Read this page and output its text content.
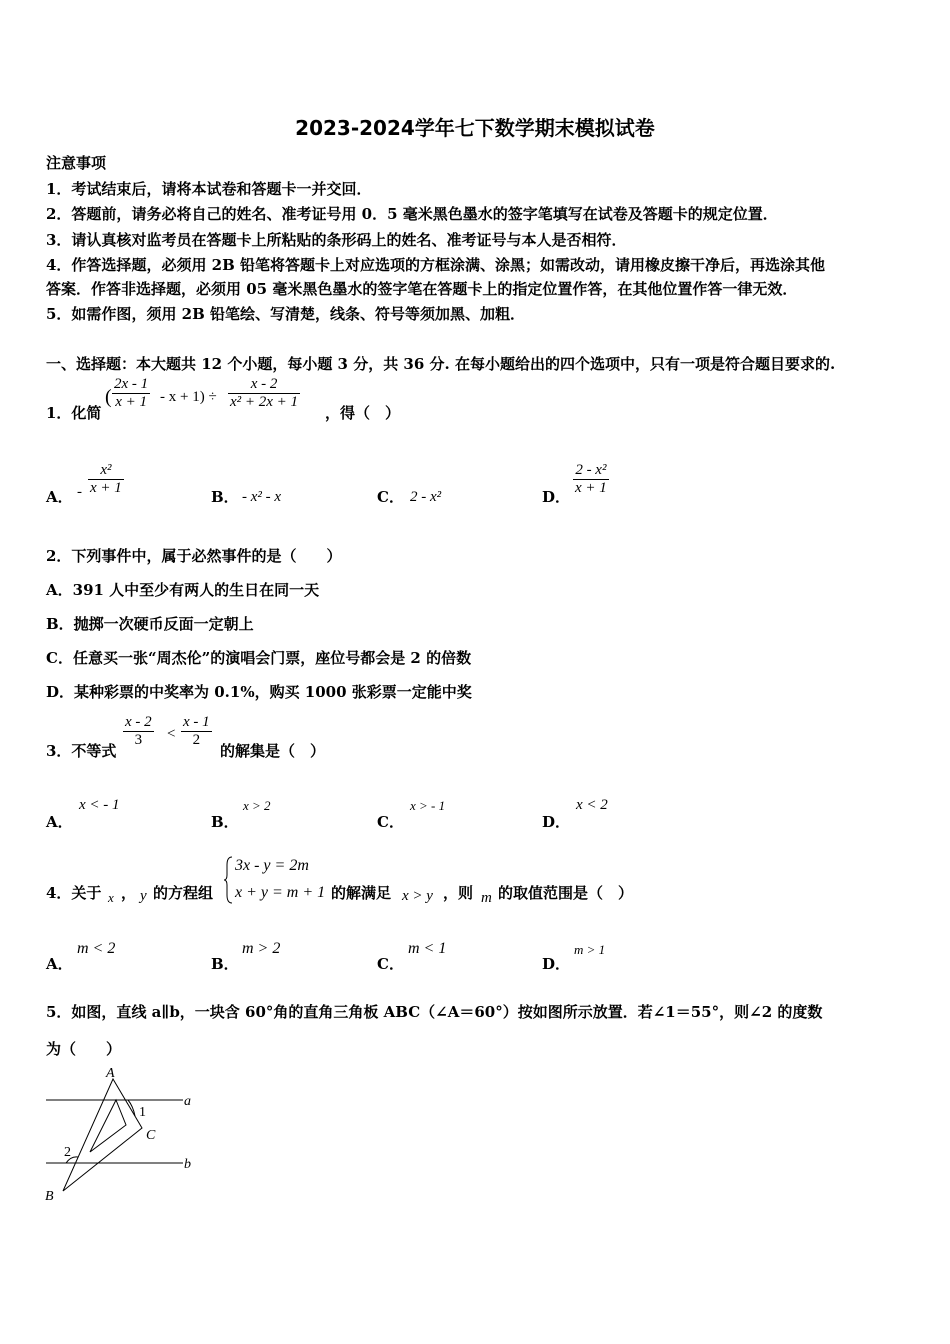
2023-2024学年七下数学期末模拟试卷
注意事项
1．考试结束后，请将本试卷和答题卡一并交回．
2．答题前，请务必将自己的姓名、准考证号用 0．5 毫米黑色墨水的签字笔填写在试卷及答题卡的规定位置．
3．请认真核对监考员在答题卡上所粘贴的条形码上的姓名、准考证号与本人是否相符．
4．作答选择题，必须用 2B 铅笔将答题卡上对应选项的方框涂满、涂黑；如需改动，请用橡皮擦干净后，再选涂其他
答案．作答非选择题，必须用 05 毫米黑色墨水的签字笔在答题卡上的指定位置作答，在其他位置作答一律无效．
5．如需作图，须用 2B 铅笔绘、写清楚，线条、符号等须加黑、加粗．
一、选择题：本大题共 12 个小题，每小题 3 分，共 36 分. 在每小题给出的四个选项中，只有一项是符合题目要求的.
1．化简
(
2x - 1
x + 1 - x + 1) ÷
x - 2
x² + 2x + 1
，得（　）
A． -
x²
x + 1	B． - x² - x	C． 2 - x²	D．
2 - x²
x + 1
2．下列事件中，属于必然事件的是（　　）
A．391 人中至少有两人的生日在同一天
B．抛掷一次硬币反面一定朝上
C．任意买一张“周杰伦”的演唱会门票，座位号都会是 2 的倍数
D．某种彩票的中奖率为 0.1%，购买 1000 张彩票一定能中奖
3．不等式
x - 2
3	<
x - 1
2
的解集是（　）
A．
x < - 1
B．
x > 2
C．
x > - 1
D．
x < 2
4．关于 x ， y 的方程组
3x - y = 2m
x + y = m + 1 的解满足 x > y ，则 m 的取值范围是（　）
A．
m < 2
B．
m > 2
C．
m < 1
D．
m > 1
5．如图，直线 a∥b，一块含 60°角的直角三角板 ABC（∠A＝60°）按如图所示放置．若∠1＝55°，则∠2 的度数
为（　　）
A
B
C
a
b
1
2
